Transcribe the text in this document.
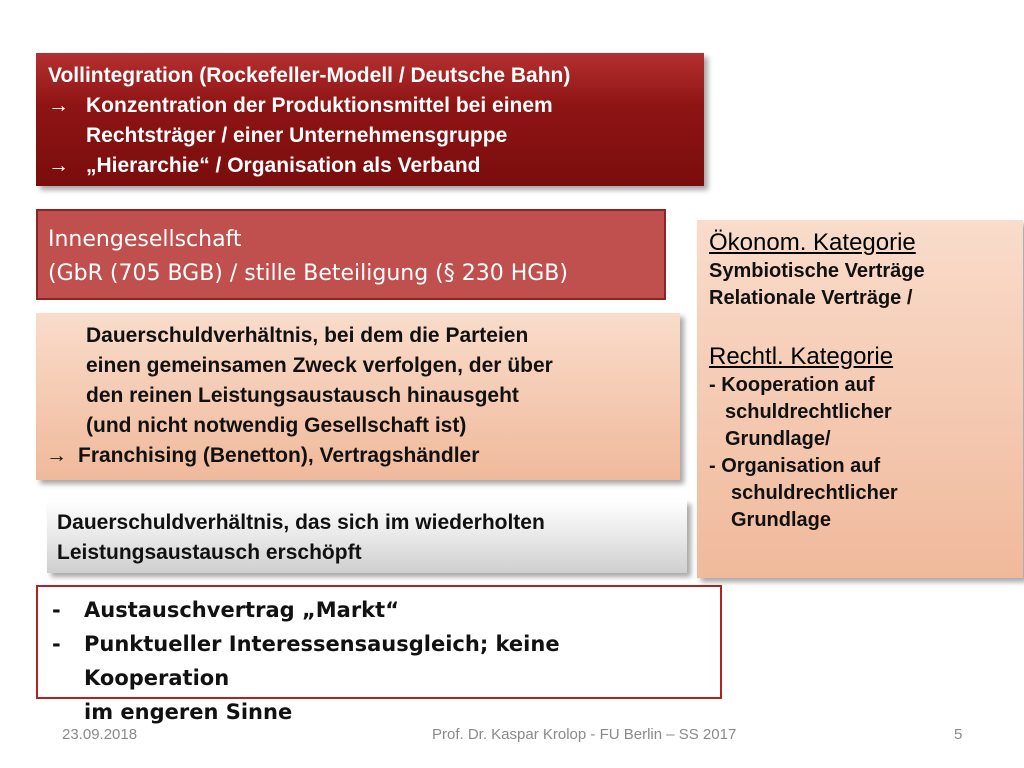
Vollintegration (Rockefeller-Modell / Deutsche Bahn)
→ Konzentration der Produktionsmittel bei einem
Rechtsträger / einer Unternehmensgruppe
→ „Hierarchie“ / Organisation als Verband
Innengesellschaft
(GbR (705 BGB) / stille Beteiligung (§ 230 HGB)
Dauerschuldverhältnis, bei dem die Parteien
einen gemeinsamen Zweck verfolgen, der über
den reinen Leistungsaustausch hinausgeht
(und nicht notwendig Gesellschaft ist)
→ Franchising (Benetton), Vertragshändler
Dauerschuldverhältnis, das sich im wiederholten
Leistungsaustausch erschöpft
-	Austauschvertrag „Markt“
-	Punktueller Interessensausgleich; keine Kooperation
im engeren Sinne
Ökonom. Kategorie
Symbiotische Verträge
Relationale Verträge /
Rechtl. Kategorie
- Kooperation auf
schuldrechtlicher
Grundlage/
- Organisation auf
schuldrechtlicher
Grundlage
23.09.2018	Prof. Dr. Kaspar Krolop - FU Berlin – SS 2017	5
